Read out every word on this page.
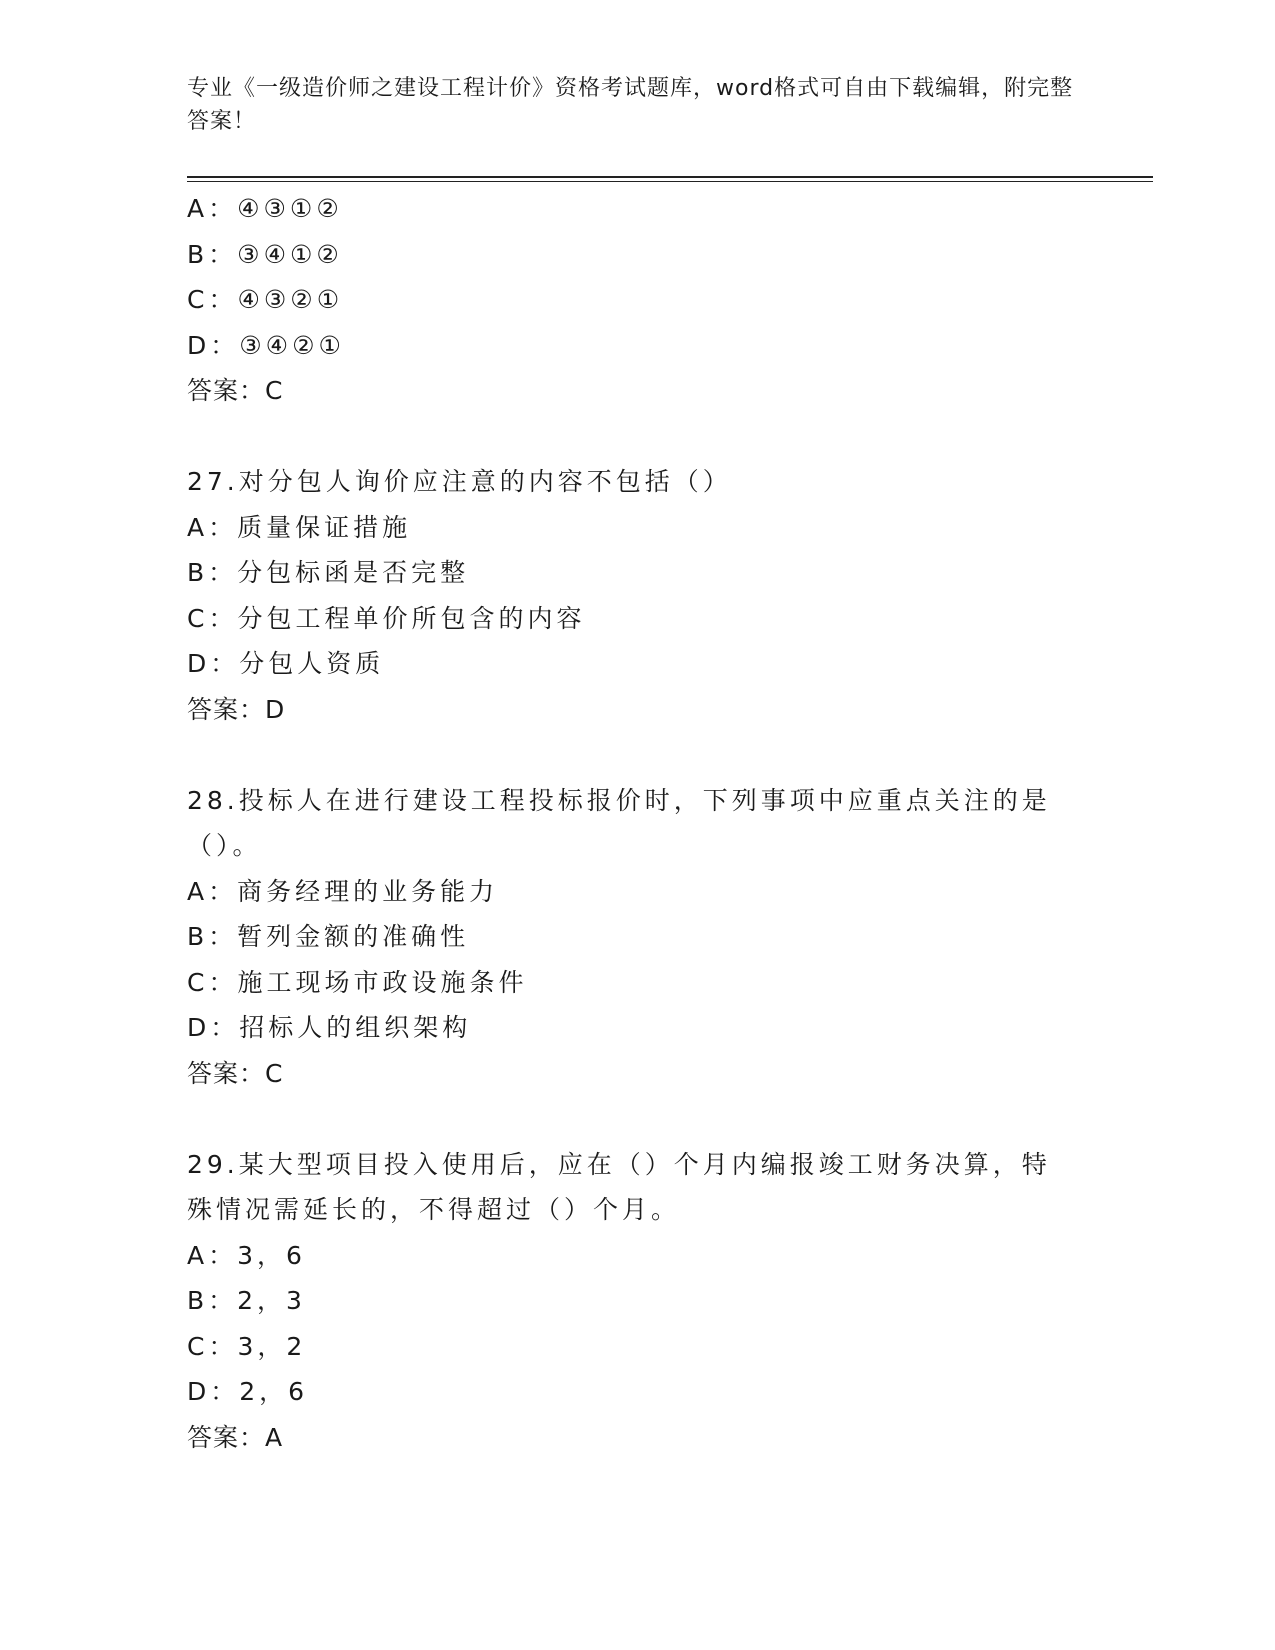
专业《一级造价师之建设工程计价》资格考试题库，word格式可自由下载编辑，附完整答案！
A：④③①②
B：③④①②
C：④③②①
D：③④②①
答案：C
27.对分包人询价应注意的内容不包括（）
A：质量保证措施
B：分包标函是否完整
C：分包工程单价所包含的内容
D：分包人资质
答案：D
28.投标人在进行建设工程投标报价时，下列事项中应重点关注的是（）。
A：商务经理的业务能力
B：暂列金额的准确性
C：施工现场市政设施条件
D：招标人的组织架构
答案：C
29.某大型项目投入使用后，应在（）个月内编报竣工财务决算，特殊情况需延长的，不得超过（）个月。
A：3，6
B：2，3
C：3，2
D：2，6
答案：A
